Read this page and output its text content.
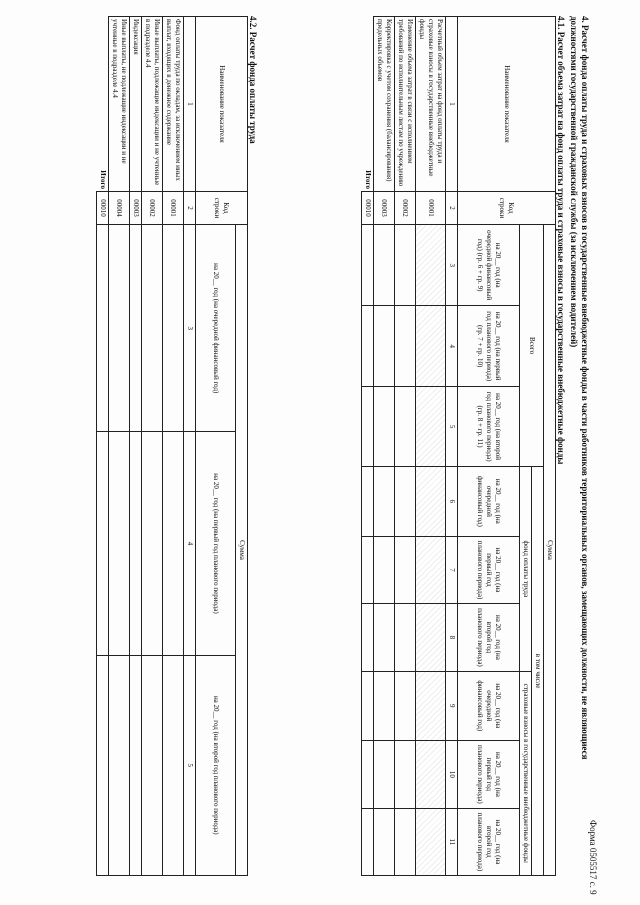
Форма 0505517 с. 9
4. Расчет фонда оплаты труда и страховых взносов в государственные внебюджетные фонды в части работников территориальных органов, замещающих должности, не являющиеся должностями государственной гражданской службы (за исключением водителей)
4.1. Расчет объема затрат на фонд оплаты труда и страховые взносы в государственные внебюджетные фонды
Наименование показателя	Код строки	Сумма								
		Всего			в том числе					
					фонд оплаты труда			страховые взносы в государственные внебюджетные фонды		
		на 20__ год (на очередной финансовый год) (гр. 6 + гр. 9)	на 20__ год (на первый год планового периода) (гр. 7 + гр. 10)	на 20__ год (на второй год планового периода) (гр. 8 + гр. 11)	на 20__ год (на очередной финансовый год)	на 20__ год (на первый год планового периода)	на 20__ год (на второй год планового периода)	на 20__ год (на очередной финансовый год)	на 20__ год (на первый год планового периода)	на 20__ год (на второй год планового периода)
1	2	3	4	5	6	7	8	9	10	11
Расчетный объем затрат на фонд оплаты труда и страховые взносы в государственные внебюджетные фонды	00001									
Изменение объема затрат в связи с исполнением требований по исполнительным листам по учреждению	00002									
Корректировка с учетом сохранения (балансирования) предельных объемов	00003									
Итого	00010									
4.2. Расчет фонда оплаты труда
Наименование показателя	Код строки	Сумма		
		на 20__ год (на очередной финансовый год)	на 20__ год (на первый год планового периода)	на 20__ год (на второй год планового периода)
1	2	3	4	5
Фонд оплаты труда по окладам, за исключением иных выплат, входящих в денежное содержание	00001			
Иные выплаты, подлежащие индексации и не учтенные в подразделе 4.4	00002			
Индексация	00003			
Иные выплаты, не подлежащие индексации и не учтенные в подразделе 4.4	00004			
Итого	00010			
